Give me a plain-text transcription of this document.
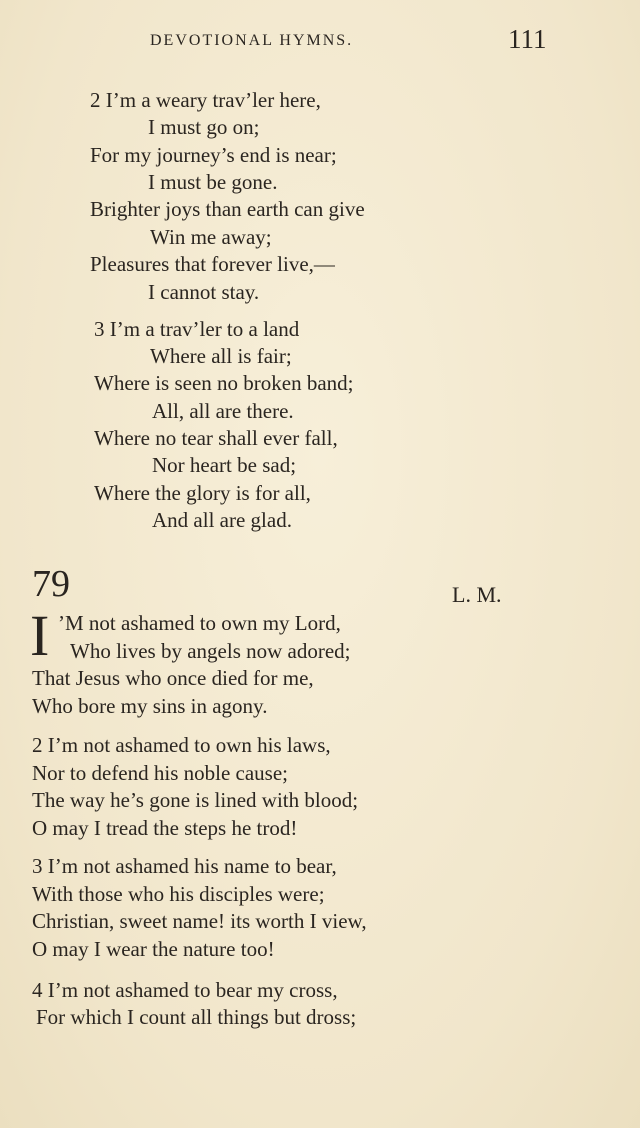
DEVOTIONAL HYMNS.	111
2 I’m a weary trav’ler here,
I must go on;
For my journey’s end is near;
I must be gone.
Brighter joys than earth can give
Win me away;
Pleasures that forever live,—
I cannot stay.
3 I’m a trav’ler to a land
Where all is fair;
Where is seen no broken band;
All, all are there.
Where no tear shall ever fall,
Nor heart be sad;
Where the glory is for all,
And all are glad.
79	L. M.
I ’M not ashamed to own my Lord,
Who lives by angels now adored;
That Jesus who once died for me,
Who bore my sins in agony.
2 I’m not ashamed to own his laws,
Nor to defend his noble cause;
The way he’s gone is lined with blood;
O may I tread the steps he trod!
3 I’m not ashamed his name to bear,
With those who his disciples were;
Christian, sweet name! its worth I view,
O may I wear the nature too!
4 I’m not ashamed to bear my cross,
For which I count all things but dross;
